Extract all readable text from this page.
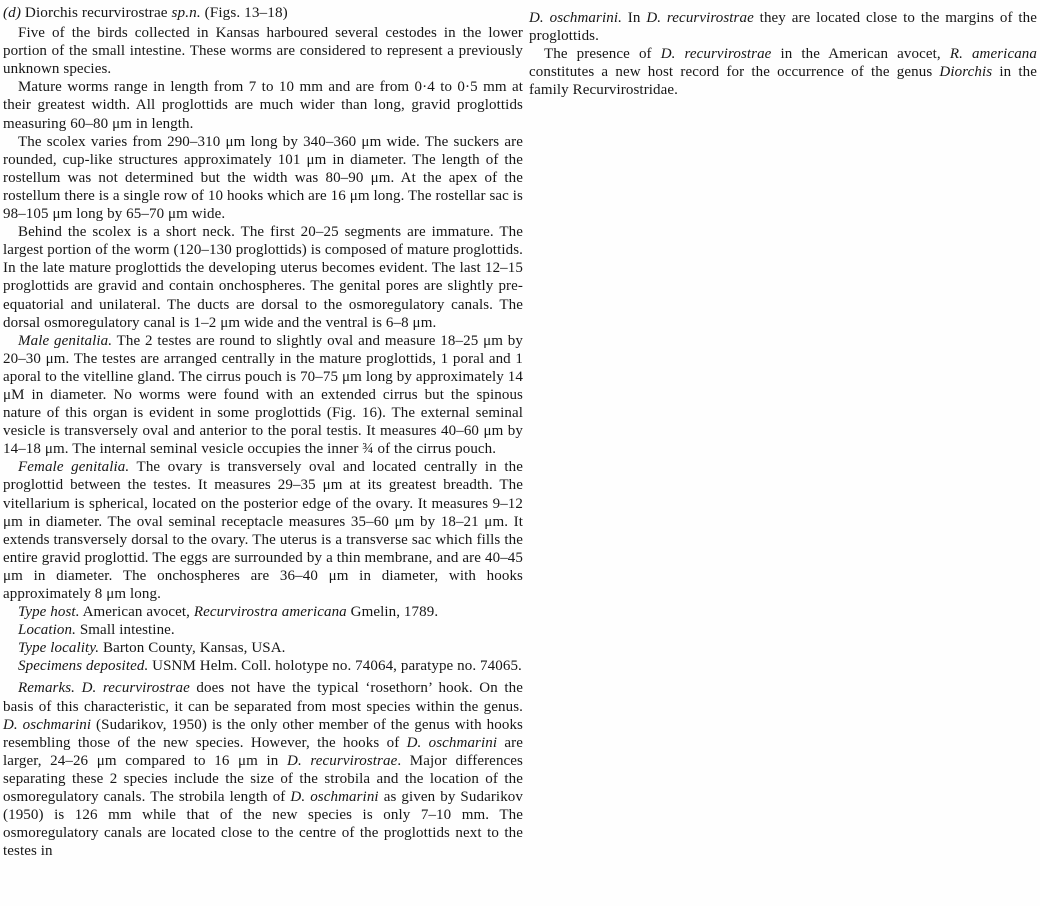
(d) Diorchis recurvirostrae sp.n. (Figs. 13–18)

Five of the birds collected in Kansas harboured several cestodes in the lower portion of the small intestine. These worms are considered to represent a previously unknown species.

Mature worms range in length from 7 to 10 mm and are from 0·4 to 0·5 mm at their greatest width. All proglottids are much wider than long, gravid proglottids measuring 60–80 μm in length.

The scolex varies from 290–310 μm long by 340–360 μm wide. The suckers are rounded, cup-like structures approximately 101 μm in diameter. The length of the rostellum was not determined but the width was 80–90 μm. At the apex of the rostellum there is a single row of 10 hooks which are 16 μm long. The rostellar sac is 98–105 μm long by 65–70 μm wide.

Behind the scolex is a short neck. The first 20–25 segments are immature. The largest portion of the worm (120–130 proglottids) is composed of mature proglottids. In the late mature proglottids the developing uterus becomes evident. The last 12–15 proglottids are gravid and contain onchospheres. The genital pores are slightly pre-equatorial and unilateral. The ducts are dorsal to the osmoregulatory canals. The dorsal osmoregulatory canal is 1–2 μm wide and the ventral is 6–8 μm.

Male genitalia. The 2 testes are round to slightly oval and measure 18–25 μm by 20–30 μm. The testes are arranged centrally in the mature proglottids, 1 poral and 1 aporal to the vitelline gland. The cirrus pouch is 70–75 μm long by approximately 14 μM in diameter. No worms were found with an extended cirrus but the spinous nature of this organ is evident in some proglottids (Fig. 16). The external seminal vesicle is transversely oval and anterior to the poral testis. It measures 40–60 μm by 14–18 μm. The internal seminal vesicle occupies the inner ¾ of the cirrus pouch.

Female genitalia. The ovary is transversely oval and located centrally in the proglottid between the testes. It measures 29–35 μm at its greatest breadth. The vitellarium is spherical, located on the posterior edge of the ovary. It measures 9–12 μm in diameter. The oval seminal receptacle measures 35–60 μm by 18–21 μm. It extends transversely dorsal to the ovary. The uterus is a transverse sac which fills the entire gravid proglottid. The eggs are surrounded by a thin membrane, and are 40–45 μm in diameter. The onchospheres are 36–40 μm in diameter, with hooks approximately 8 μm long.

Type host. American avocet, Recurvirostra americana Gmelin, 1789.

Location. Small intestine.

Type locality. Barton County, Kansas, USA.

Specimens deposited. USNM Helm. Coll. holotype no. 74064, paratype no. 74065.

Remarks. D. recurvirostrae does not have the typical ‘rosethorn’ hook. On the basis of this characteristic, it can be separated from most species within the genus. D. oschmarini (Sudarikov, 1950) is the only other member of the genus with hooks resembling those of the new species. However, the hooks of D. oschmarini are larger, 24–26 μm compared to 16 μm in D. recurvirostrae. Major differences separating these 2 species include the size of the strobila and the location of the osmoregulatory canals. The strobila length of D. oschmarini as given by Sudarikov (1950) is 126 mm while that of the new species is only 7–10 mm. The osmoregulatory canals are located close to the centre of the proglottids next to the testes in

D. oschmarini. In D. recurvirostrae they are located close to the margins of the proglottids.

The presence of D. recurvirostrae in the American avocet, R. americana constitutes a new host record for the occurrence of the genus Diorchis in the family Recurvirostridae.
